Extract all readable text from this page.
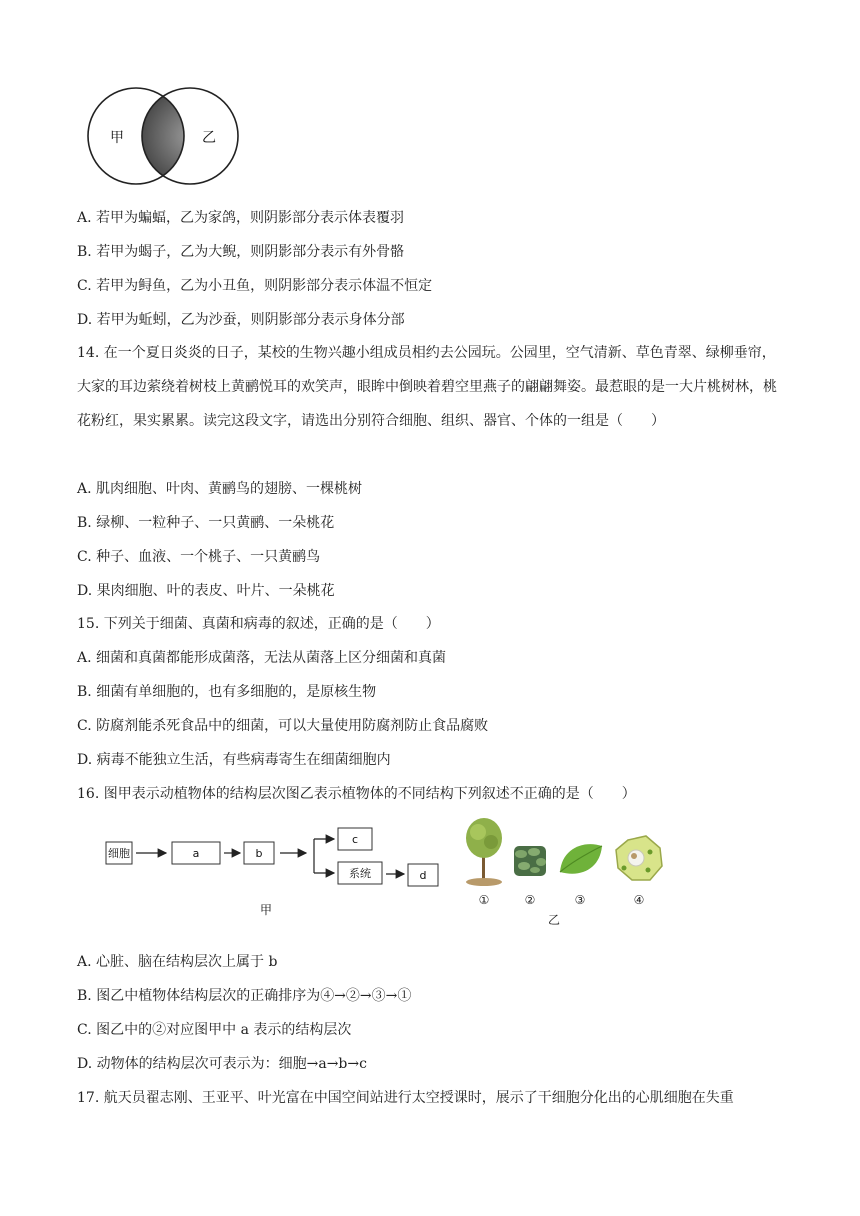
甲	乙
A. 若甲为蝙蝠，乙为家鸽，则阴影部分表示体表覆羽
B. 若甲为蝎子，乙为大鲵，则阴影部分表示有外骨骼
C. 若甲为鲟鱼，乙为小丑鱼，则阴影部分表示体温不恒定
D. 若甲为蚯蚓，乙为沙蚕，则阴影部分表示身体分部
14. 在一个夏日炎炎的日子，某校的生物兴趣小组成员相约去公园玩。公园里，空气清新、草色青翠、绿柳垂帘，大家的耳边萦绕着树枝上黄鹂悦耳的欢笑声，眼眸中倒映着碧空里燕子的翩翩舞姿。最惹眼的是一大片桃树林，桃花粉红，果实累累。读完这段文字，请选出分别符合细胞、组织、器官、个体的一组是（　　）
A. 肌肉细胞、叶肉、黄鹂鸟的翅膀、一棵桃树
B. 绿柳、一粒种子、一只黄鹂、一朵桃花
C. 种子、血液、一个桃子、一只黄鹂鸟
D. 果肉细胞、叶的表皮、叶片、一朵桃花
15. 下列关于细菌、真菌和病毒的叙述，正确的是（　　）
A. 细菌和真菌都能形成菌落，无法从菌落上区分细菌和真菌
B. 细菌有单细胞的，也有多细胞的，是原核生物
C. 防腐剂能杀死食品中的细菌，可以大量使用防腐剂防止食品腐败
D. 病毒不能独立生活，有些病毒寄生在细菌细胞内
16. 图甲表示动植物体的结构层次图乙表示植物体的不同结构下列叙述不正确的是（　　）
细胞	a	b
c
系统	d
甲
①	②	③	④
乙
A. 心脏、脑在结构层次上属于 b
B. 图乙中植物体结构层次的正确排序为④→②→③→①
C. 图乙中的②对应图甲中 a 表示的结构层次
D. 动物体的结构层次可表示为：细胞→a→b→c
17. 航天员翟志刚、王亚平、叶光富在中国空间站进行太空授课时，展示了干细胞分化出的心肌细胞在失重
